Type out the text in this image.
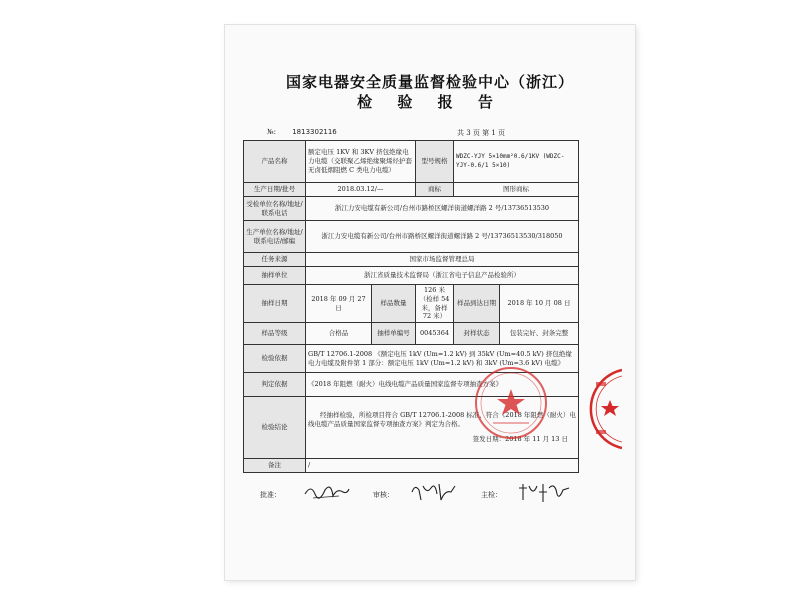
国家电器安全质量监督检验中心（浙江）
检 验 报 告
№: 1813302116	共 3 页 第 1 页
产品名称	额定电压 1KV 和 3KV 挤包绝缘电力电缆（交联聚乙烯绝缘聚烯烃护套无卤低烟阻燃 C 类电力电缆）		型号规格	WDZC-YJY 5×10mm²0.6/1KV (WDZC-YJY-0.6/1 5×10)	
生产日期/批号	2018.03.12/—		商标	图形商标	
受检单位名称/地址/联系电话	浙江力安电缆有新公司/台州市路桥区螺洋街道螺洋路 2 号/13736513530				
生产单位名称/地址/联系电话/邮编	浙江力安电缆有新公司/台州市路桥区螺洋街道螺洋路 2 号/13736513530/318050				
任务来源	国家市场监督管理总局				
抽样单位	浙江省质量技术监督局（浙江省电子信息产品检验所）				
抽样日期	2018 年 09 月 27 日	样品数量	126 米（检样 54 米，备样 72 米）	样品到达日期	2018 年 10 月 08 日
样品等级	合格品	抽样单编号	0045364	封样状态	包装完好、封条完整
检验依据	GB/T 12706.1-2008 《额定电压 1kV (Um=1.2 kV) 到 35kV (Um=40.5 kV) 挤包绝缘电力电缆及附件第 1 部分：额定电压 1kV (Um=1.2 kV) 和 3kV (Um=3.6 kV) 电缆》				
判定依据	《2018 年阻燃（耐火）电线电缆产品质量国家监督专项抽查方案》				
检验结论	经抽样检验，所检项目符合 GB/T 12706.1-2008 标准，符合《2018 年阻燃（耐火）电线电缆产品质量国家监督专项抽查方案》判定为合格。
签发日期：2018 年 11 月 13 日				

备注	/				
批准：	审核：	主检：
